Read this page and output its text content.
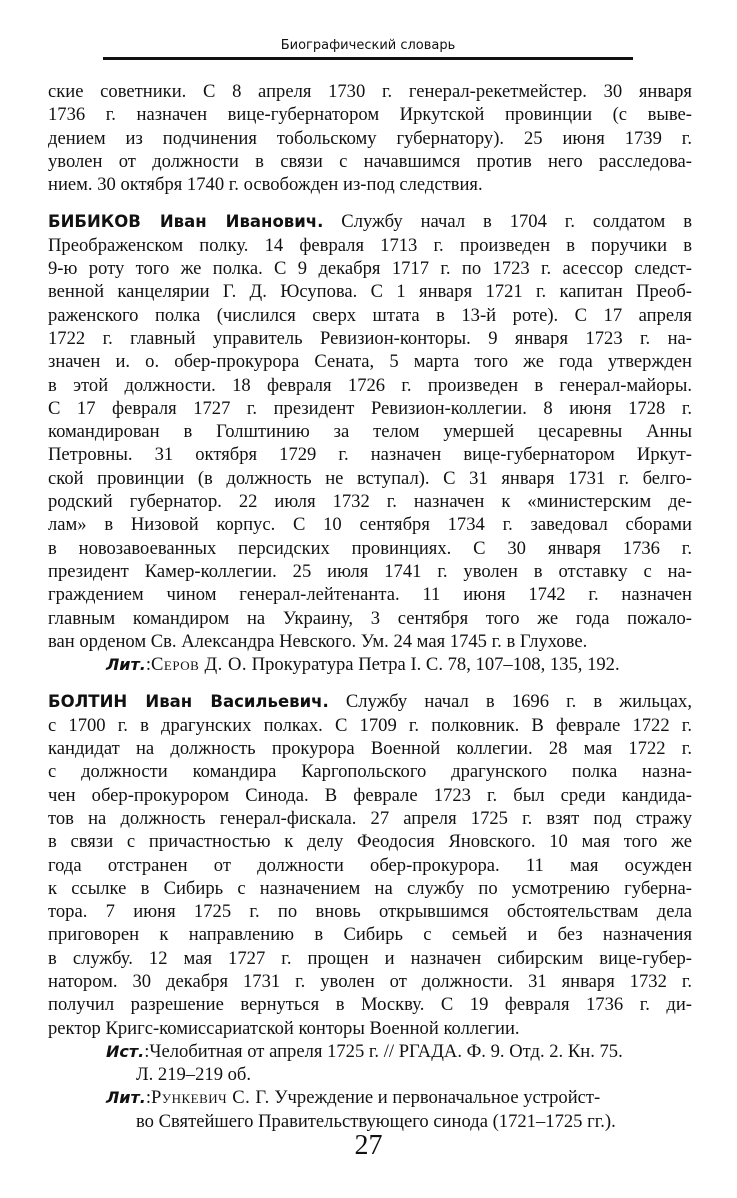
Биографический словарь
ские советники. С 8 апреля 1730 г. генерал-рекетмейстер. 30 января
1736 г. назначен вице-губернатором Иркутской провинции (с выве-
дением из подчинения тобольскому губернатору). 25 июня 1739 г.
уволен от должности в связи с начавшимся против него расследова-
нием. 30 октября 1740 г. освобожден из-под следствия.
БИБИКОВ Иван Иванович. Службу начал в 1704 г. солдатом в
Преображенском полку. 14 февраля 1713 г. произведен в поручики в
9-ю роту того же полка. С 9 декабря 1717 г. по 1723 г. асессор следст-
венной канцелярии Г. Д. Юсупова. С 1 января 1721 г. капитан Преоб-
раженского полка (числился сверх штата в 13-й роте). С 17 апреля
1722 г. главный управитель Ревизион-конторы. 9 января 1723 г. на-
значен и. о. обер-прокурора Сената, 5 марта того же года утвержден
в этой должности. 18 февраля 1726 г. произведен в генерал-майоры.
С 17 февраля 1727 г. президент Ревизион-коллегии. 8 июня 1728 г.
командирован в Голштинию за телом умершей цесаревны Анны
Петровны. 31 октября 1729 г. назначен вице-губернатором Иркут-
ской провинции (в должность не вступал). С 31 января 1731 г. белго-
родский губернатор. 22 июля 1732 г. назначен к «министерским де-
лам» в Низовой корпус. С 10 сентября 1734 г. заведовал сборами
в новозавоеванных персидских провинциях. С 30 января 1736 г.
президент Камер-коллегии. 25 июля 1741 г. уволен в отставку с на-
граждением чином генерал-лейтенанта. 11 июня 1742 г. назначен
главным командиром на Украину, 3 сентября того же года пожало-
ван орденом Св. Александра Невского. Ум. 24 мая 1745 г. в Глухове.
Лит.:Серов Д. О. Прокуратура Петра I. С. 78, 107–108, 135, 192.
БОЛТИН Иван Васильевич. Службу начал в 1696 г. в жильцах,
с 1700 г. в драгунских полках. С 1709 г. полковник. В феврале 1722 г.
кандидат на должность прокурора Военной коллегии. 28 мая 1722 г.
с должности командира Каргопольского драгунского полка назна-
чен обер-прокурором Синода. В феврале 1723 г. был среди кандида-
тов на должность генерал-фискала. 27 апреля 1725 г. взят под стражу
в связи с причастностью к делу Феодосия Яновского. 10 мая того же
года отстранен от должности обер-прокурора. 11 мая осужден
к ссылке в Сибирь с назначением на службу по усмотрению губерна-
тора. 7 июня 1725 г. по вновь открывшимся обстоятельствам дела
приговорен к направлению в Сибирь с семьей и без назначения
в службу. 12 мая 1727 г. прощен и назначен сибирским вице-губер-
натором. 30 декабря 1731 г. уволен от должности. 31 января 1732 г.
получил разрешение вернуться в Москву. С 19 февраля 1736 г. ди-
ректор Кригс-комиссариатской конторы Военной коллегии.
Ист.:Челобитная от апреля 1725 г. // РГАДА. Ф. 9. Отд. 2. Кн. 75.
Л. 219–219 об.
Лит.:Рункевич С. Г. Учреждение и первоначальное устройст-
во Святейшего Правительствующего синода (1721–1725 гг.).
27
